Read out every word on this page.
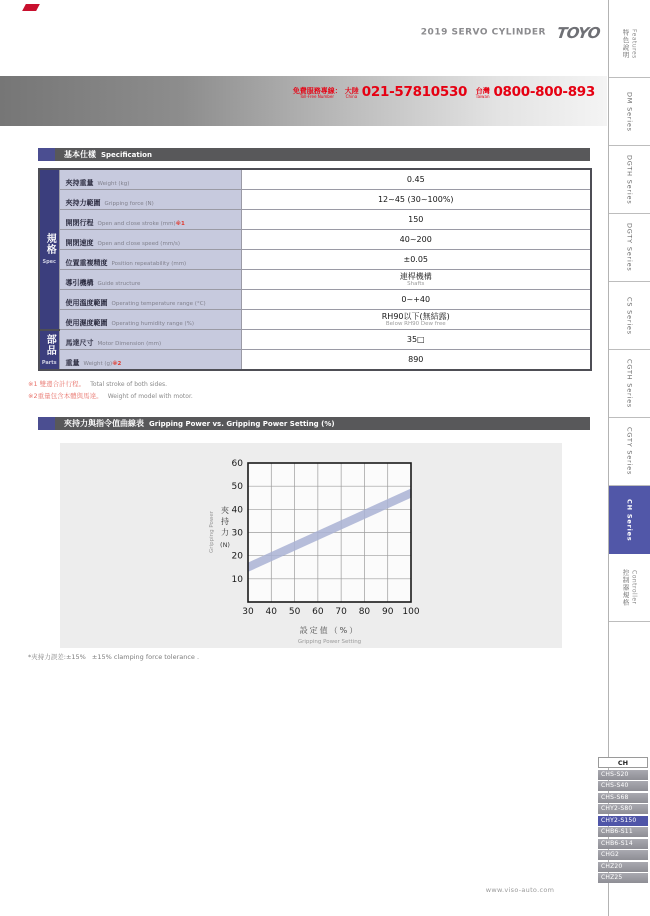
2019 SERVO CYLINDER TOYO
免費服務專線：
Toll-Free Number
大陸
China 021-57810530 台灣
Taiwan 0800-800-893
基本仕樣 Specification
規格
Spec	夾持重量 Weight (kg)	0.45

	夾持力範圍 Gripping force (N)	12~45 (30~100%)

	開閉行程 Open and close stroke (mm)※1	150

	開閉速度 Open and close speed (mm/s)	40~200

	位置重複精度 Position repeatability (mm)	±0.05

	導引機構 Guide structure	連桿機構
Shafts

	使用溫度範圍 Operating temperature range (°C)	0~+40

	使用濕度範圍 Operating humidity range (%)	RH90以下(無結露)
Below RH90 Dew free

部品
Parts	馬達尺寸 Motor Dimension (mm)	35□

	重量 Weight (g)※2	890
※1 雙邊合計行程。 Total stroke of both sides.
※2重量包含本體與馬達。 Weight of model with motor.
夾持力與指令值曲線表 Gripping Power vs. Gripping Power Setting (%)
30 40 50 60 70 80 90 100
10
20
30
40
50
60
設定值（%）
Gripping Power Setting
夾
持
力
(N)
Gripping Power
*夾持力誤差:±15% ±15% clamping force tolerance .
特色說明 Features
DM Series
DGTH Series
DGTY Series
CS Series
CGTH Series
CGTY Series
CH Series
控制器規格 Controller
CH
CHS-S20
CHS-S40
CHS-S68
CHY2-S80
CHY2-S150
CHB6-S11
CHB6-S14
CHG2
CHZ20
CHZ25
www.viso-auto.com
